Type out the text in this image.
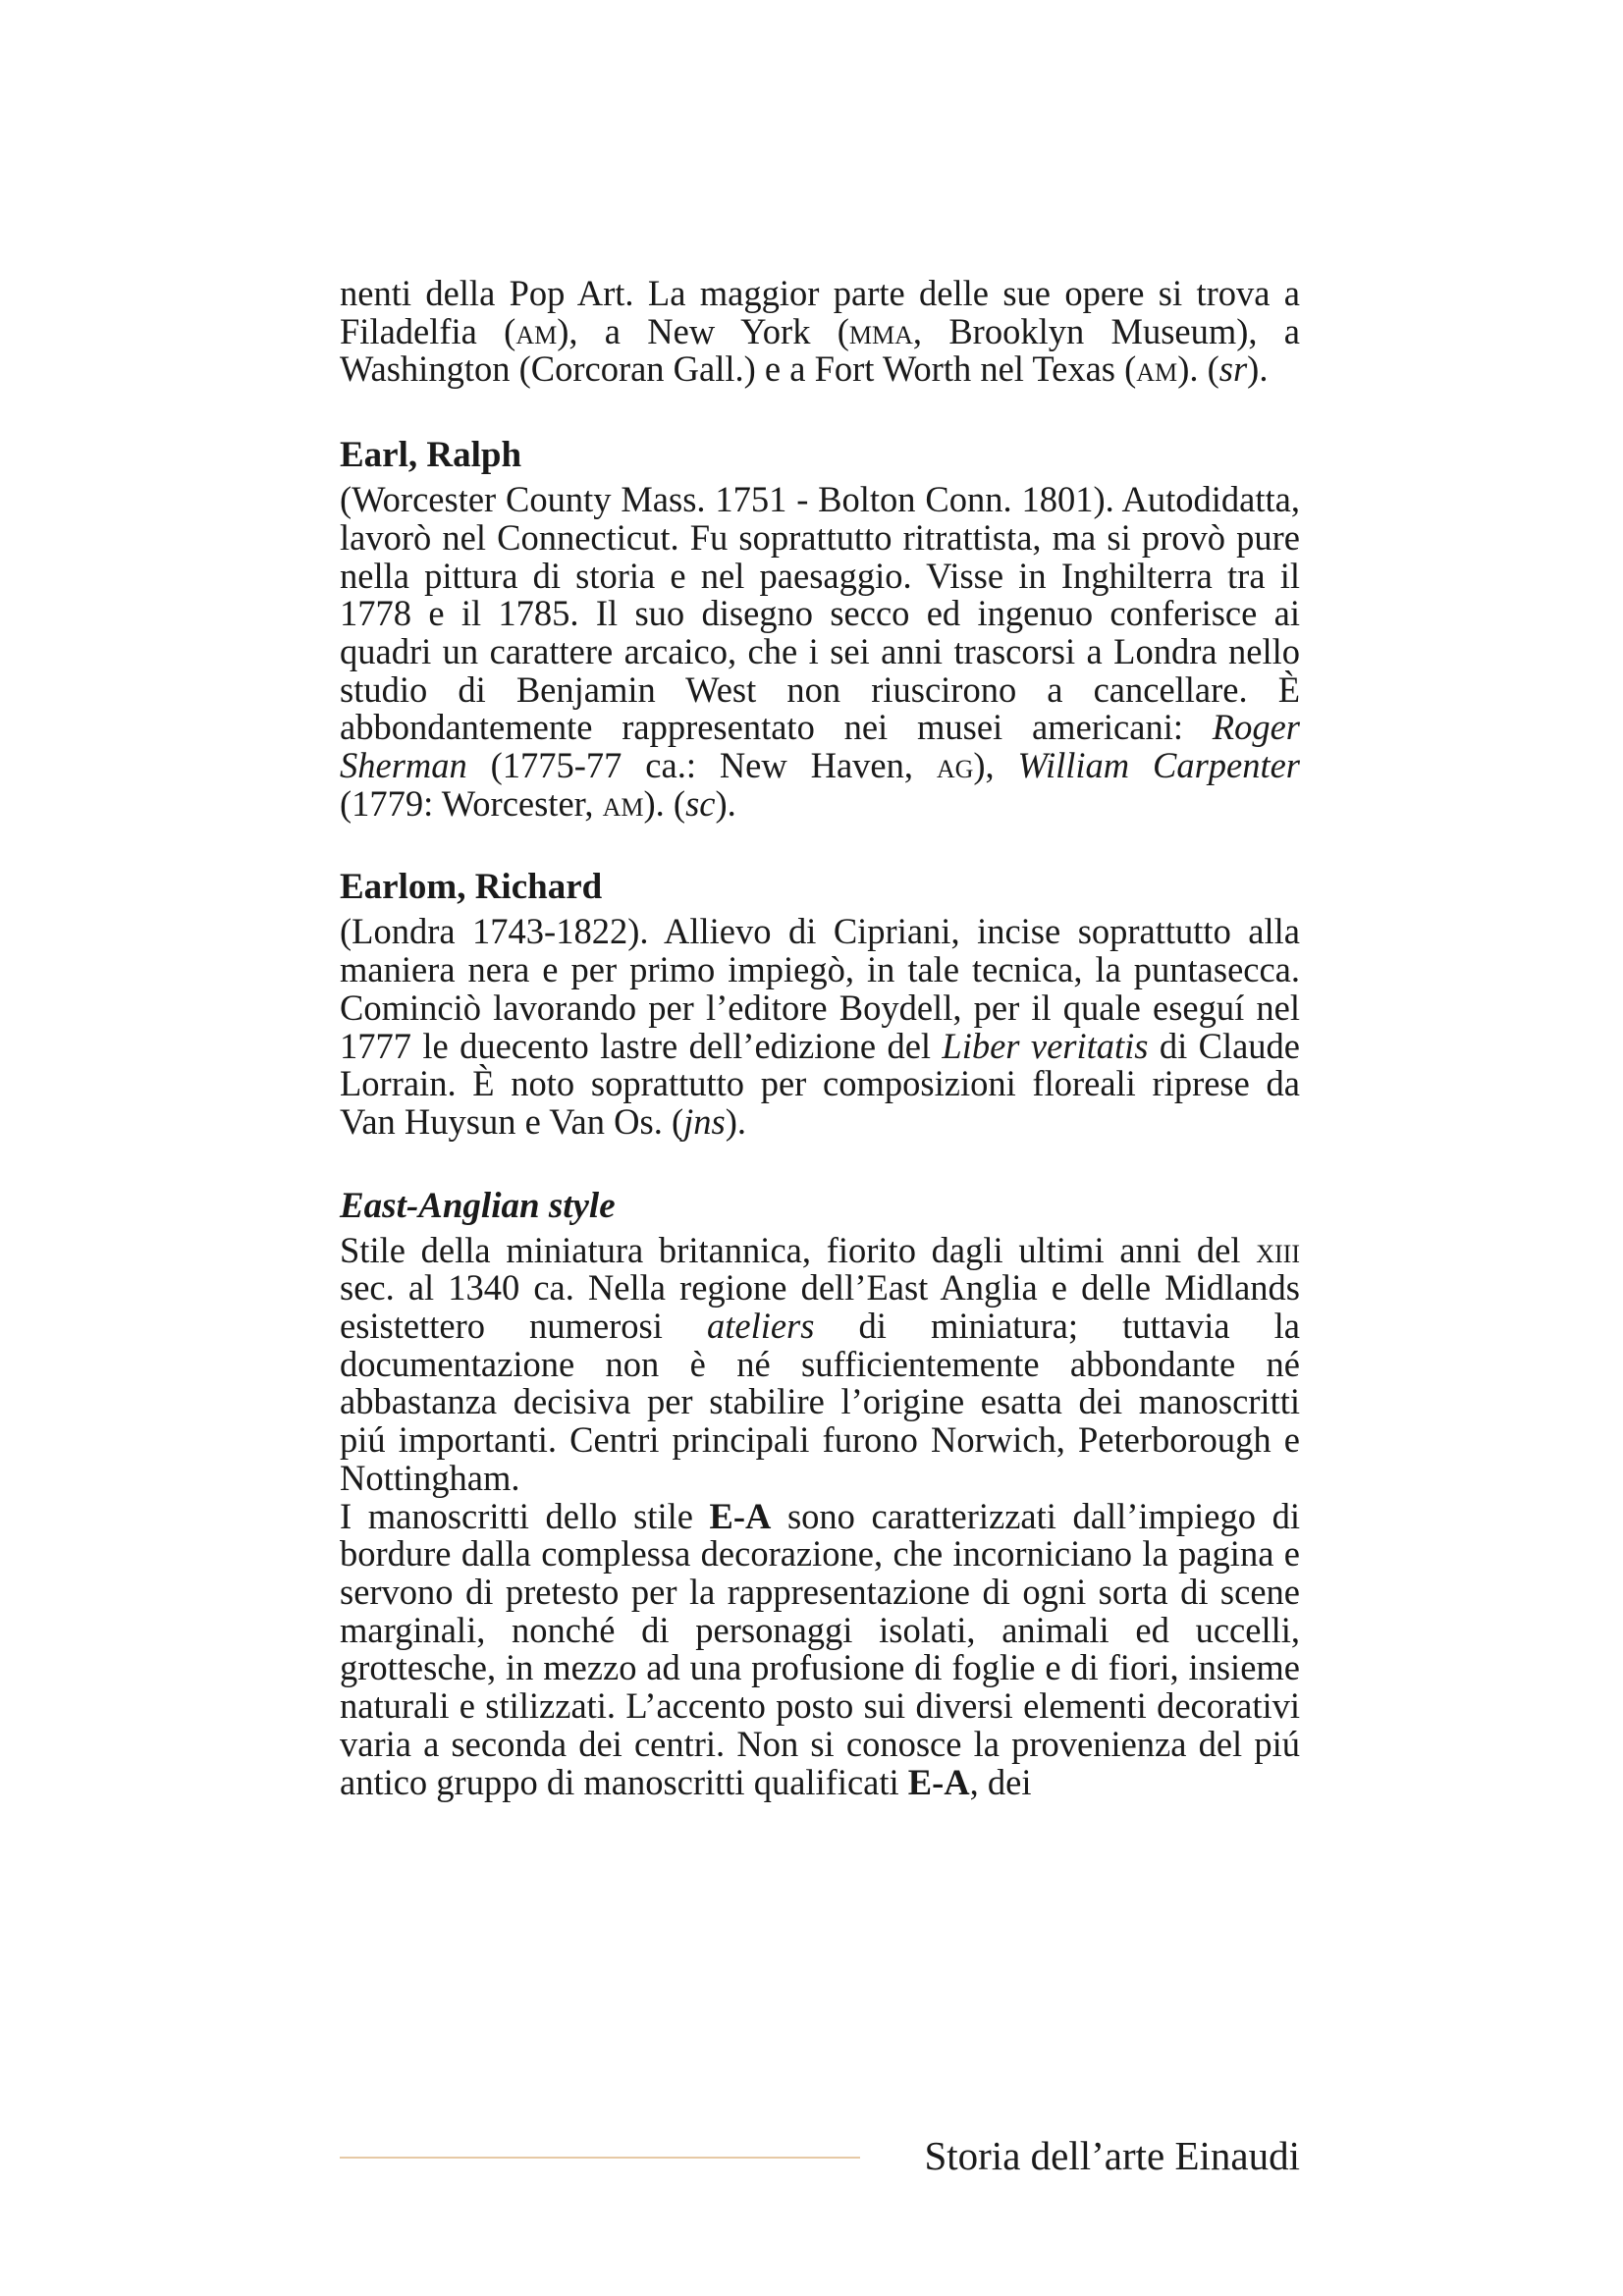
nenti della Pop Art. La maggior parte delle sue opere si trova a Filadelfia (am), a New York (mma, Brooklyn Museum), a Washington (Corcoran Gall.) e a Fort Worth nel Texas (am). (sr).

Earl, Ralph

(Worcester County Mass. 1751 - Bolton Conn. 1801). Autodidatta, lavorò nel Connecticut. Fu soprattutto ritrattista, ma si provò pure nella pittura di storia e nel paesaggio. Visse in Inghilterra tra il 1778 e il 1785. Il suo disegno secco ed ingenuo conferisce ai quadri un carattere arcaico, che i sei anni trascorsi a Londra nello studio di Benjamin West non riuscirono a cancellare. È abbondantemente rappresentato nei musei americani: Roger Sherman (1775-77 ca.: New Haven, ag), William Carpenter (1779: Worcester, am). (sc).

Earlom, Richard

(Londra 1743-1822). Allievo di Cipriani, incise soprattutto alla maniera nera e per primo impiegò, in tale tecnica, la puntasecca. Cominciò lavorando per l’editore Boydell, per il quale eseguí nel 1777 le duecento lastre dell’edizione del Liber veritatis di Claude Lorrain. È noto soprattutto per composizioni floreali riprese da Van Huysun e Van Os. (jns).

East-Anglian style

Stile della miniatura britannica, fiorito dagli ultimi anni del xiii sec. al 1340 ca. Nella regione dell’East Anglia e delle Midlands esistettero numerosi ateliers di miniatura; tuttavia la documentazione non è né sufficientemente abbondante né abbastanza decisiva per stabilire l’origine esatta dei manoscritti piú importanti. Centri principali furono Norwich, Peterborough e Nottingham.

I manoscritti dello stile E-A sono caratterizzati dall’impiego di bordure dalla complessa decorazione, che incorniciano la pagina e servono di pretesto per la rappresentazione di ogni sorta di scene marginali, nonché di personaggi isolati, animali ed uccelli, grottesche, in mezzo ad una profusione di foglie e di fiori, insieme naturali e stilizzati. L’accento posto sui diversi elementi decorativi varia a seconda dei centri. Non si conosce la provenienza del piú antico gruppo di manoscritti qualificati E-A, dei

Storia dell’arte Einaudi
